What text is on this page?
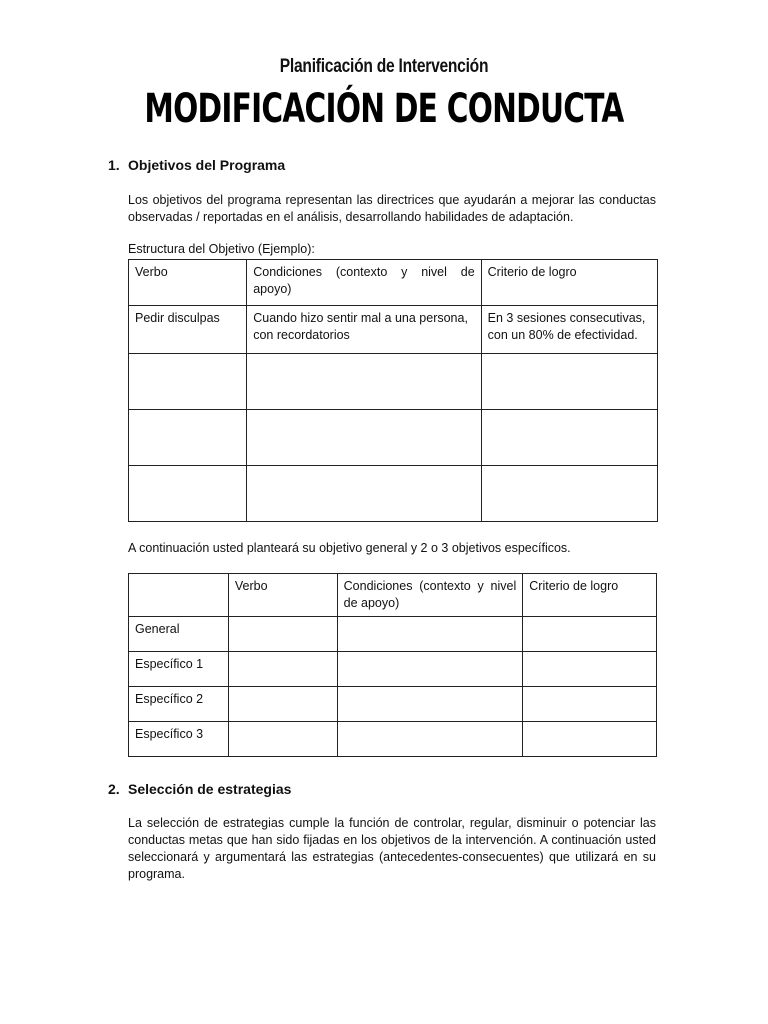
Planificación de Intervención
MODIFICACIÓN DE CONDUCTA
1. Objetivos del Programa
Los objetivos del programa representan las directrices que ayudarán a mejorar las conductas observadas / reportadas en el análisis, desarrollando habilidades de adaptación.
Estructura del Objetivo (Ejemplo):
Verbo	Condiciones (contexto y nivel de apoyo)	Criterio de logro
Pedir disculpas	Cuando hizo sentir mal a una persona, con recordatorios	En 3 sesiones consecutivas, con un 80% de efectividad.

A continuación usted planteará su objetivo general y 2 o 3 objetivos específicos.
	Verbo	Condiciones (contexto y nivel de apoyo)	Criterio de logro
General			
Específico 1			
Específico 2			
Específico 3			
2. Selección de estrategias
La selección de estrategias cumple la función de controlar, regular, disminuir o potenciar las conductas metas que han sido fijadas en los objetivos de la intervención. A continuación usted seleccionará y argumentará las estrategias (antecedentes-consecuentes) que utilizará en su programa.
